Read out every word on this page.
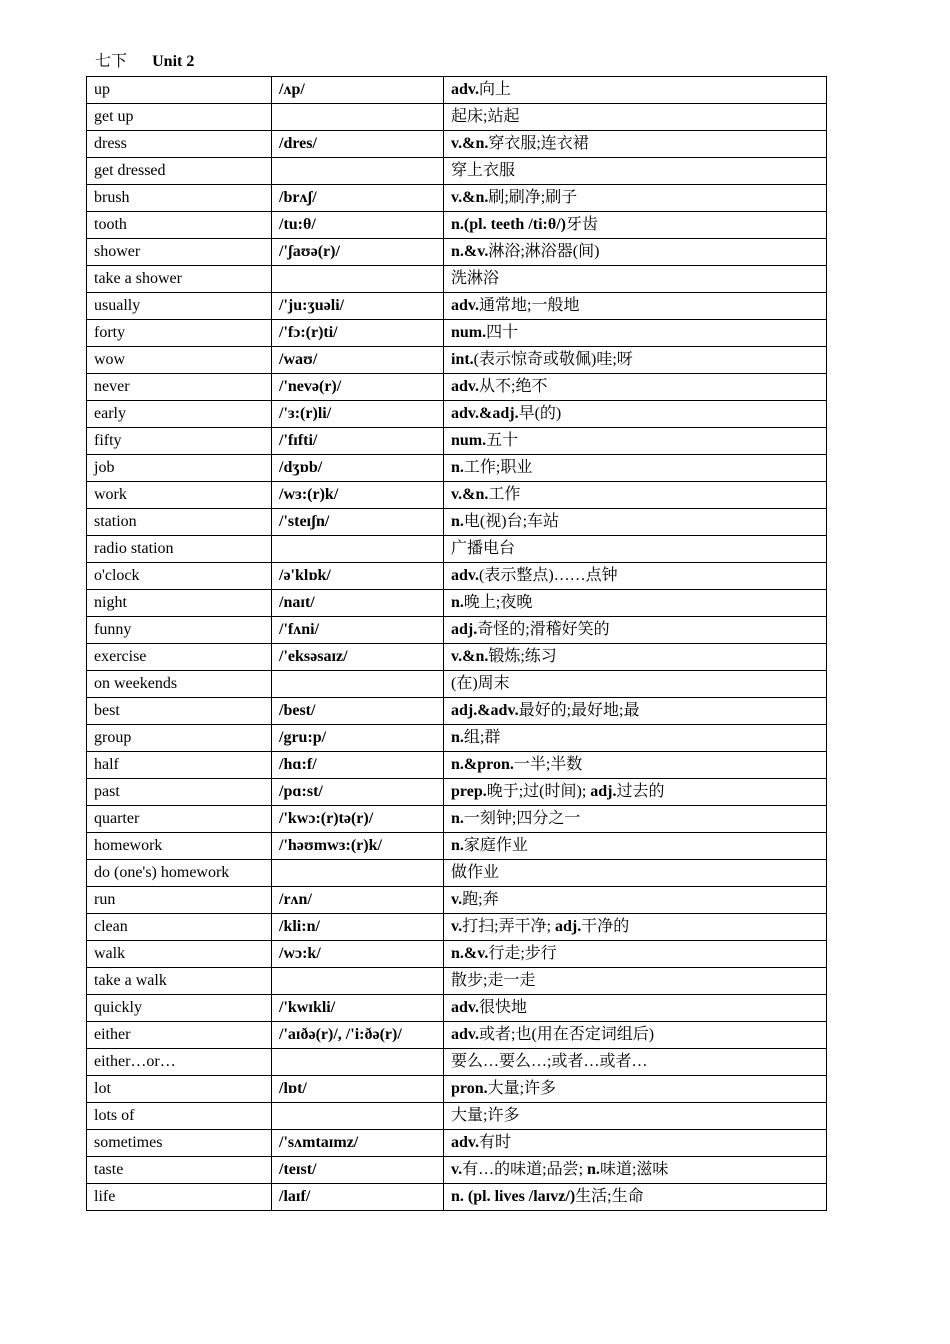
七下 Unit 2
up	/ʌp/	adv.向上
get up		起床;站起
dress	/dres/	v.&n.穿衣服;连衣裙
get dressed		穿上衣服
brush	/brʌʃ/	v.&n.刷;刷净;刷子
tooth	/tu:θ/	n.(pl. teeth /ti:θ/)牙齿
shower	/'ʃaʊə(r)/	n.&v.淋浴;淋浴器(间)
take a shower		洗淋浴
usually	/'ju:ʒuəli/	adv.通常地;一般地
forty	/'fɔ:(r)ti/	num.四十
wow	/waʊ/	int.(表示惊奇或敬佩)哇;呀
never	/'nevə(r)/	adv.从不;绝不
early	/'ɜ:(r)li/	adv.&adj.早(的)
fifty	/'fɪfti/	num.五十
job	/dʒɒb/	n.工作;职业
work	/wɜ:(r)k/	v.&n.工作
station	/'steɪʃn/	n.电(视)台;车站
radio station		广播电台
o'clock	/ə'klɒk/	adv.(表示整点)……点钟
night	/naɪt/	n.晚上;夜晚
funny	/'fʌni/	adj.奇怪的;滑稽好笑的
exercise	/'eksəsaɪz/	v.&n.锻炼;练习
on weekends		(在)周末
best	/best/	adj.&adv.最好的;最好地;最
group	/gru:p/	n.组;群
half	/hɑ:f/	n.&pron.一半;半数
past	/pɑ:st/	prep.晚于;过(时间); adj.过去的
quarter	/'kwɔ:(r)tə(r)/	n.一刻钟;四分之一
homework	/'həʊmwɜ:(r)k/	n.家庭作业
do (one's) homework		做作业
run	/rʌn/	v.跑;奔
clean	/kli:n/	v.打扫;弄干净; adj.干净的
walk	/wɔ:k/	n.&v.行走;步行
take a walk		散步;走一走
quickly	/'kwɪkli/	adv.很快地
either	/'aɪðə(r)/, /'i:ðə(r)/	adv.或者;也(用在否定词组后)
either…or…		要么…要么…;或者…或者…
lot	/lɒt/	pron.大量;许多
lots of		大量;许多
sometimes	/'sʌmtaɪmz/	adv.有时
taste	/teɪst/	v.有…的味道;品尝; n.味道;滋味
life	/laɪf/	n. (pl. lives /laɪvz/)生活;生命
